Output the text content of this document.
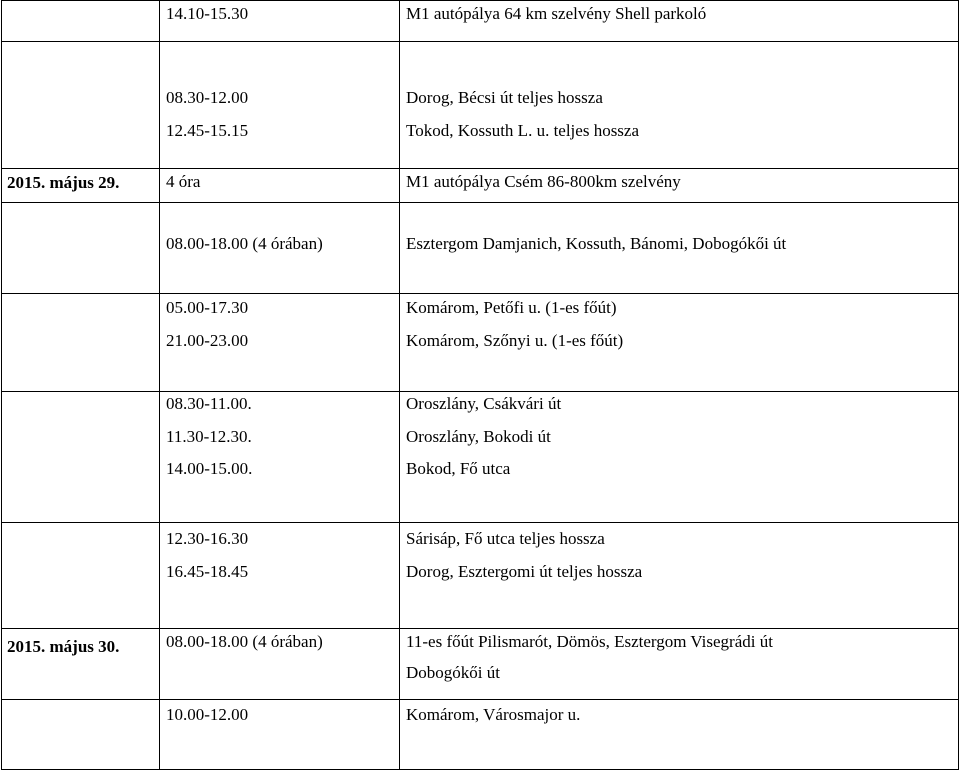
	14.10-15.30	M1 autópálya 64 km szelvény Shell parkoló

	08.30-12.00
12.45-15.15	Dorog, Bécsi út teljes hossza
Tokod, Kossuth L. u. teljes hossza

2015. május 29.	4 óra	M1 autópálya Csém 86-800km szelvény

	08.00-18.00 (4 órában)	Esztergom Damjanich, Kossuth, Bánomi, Dobogókői út

	05.00-17.30
21.00-23.00	Komárom, Petőfi u. (1-es főút)
Komárom, Szőnyi u. (1-es főút)

	08.30-11.00.
11.30-12.30.
14.00-15.00.	Oroszlány, Csákvári út
Oroszlány, Bokodi út
Bokod, Fő utca

	12.30-16.30
16.45-18.45	Sárisáp, Fő utca teljes hossza
Dorog, Esztergomi út teljes hossza

2015. május 30.	08.00-18.00 (4 órában)	11-es főút Pilismarót, Dömös, Esztergom Visegrádi út
Dobogókői út

	10.00-12.00	Komárom, Városmajor u.
